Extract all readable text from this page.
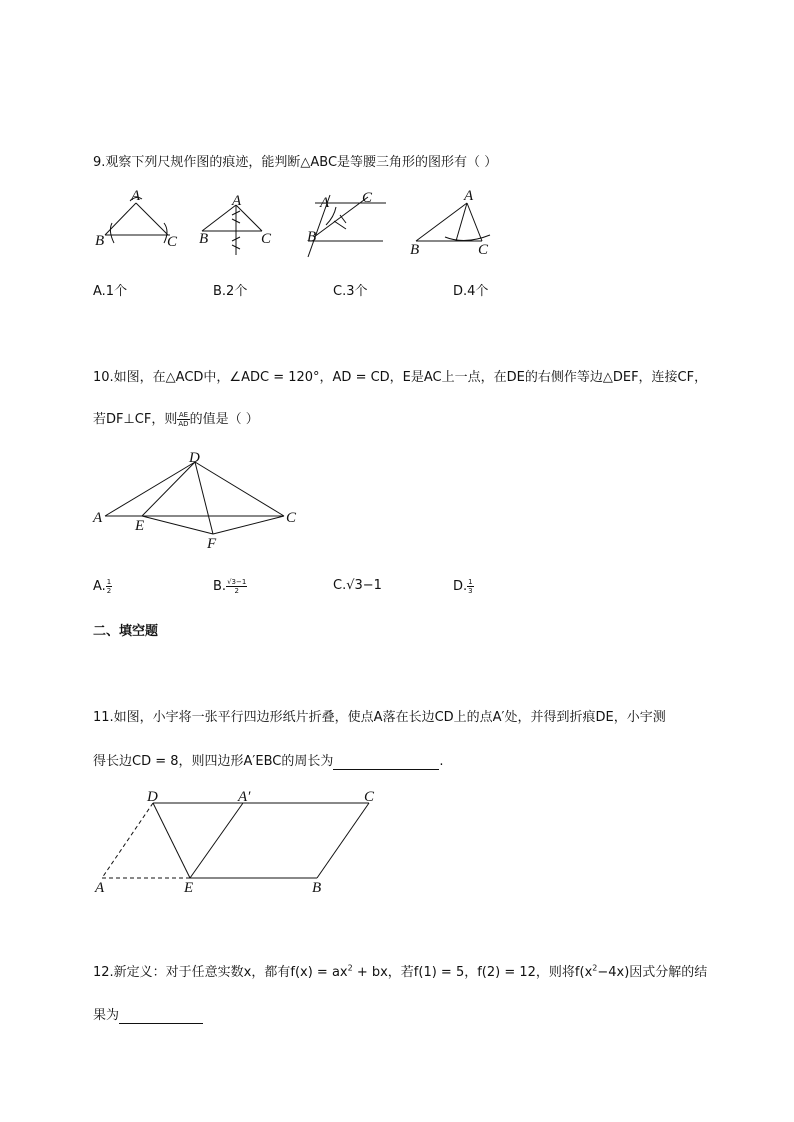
9.观察下列尺规作图的痕迹，能判断△ABC是等腰三角形的图形有（ ）
A
B	C
A
B	C
A
B
C	A
B	C
A.1个	B.2个	C.3个	D.4个
10.如图，在△ACD中，∠ADC = 120°，AD = CD，E是AC上一点，在DE的右侧作等边△DEF，连接CF，
若DF⊥CF，则 $\frac{AE}{AD}$ 的值是（ ）
A
D
C
E
F
A. $\frac{1}{2}$	B. $\frac{√3-1}{2}$	C.√3−1	D. $\frac{1}{3}$
二、填空题
11.如图，小宇将一张平行四边形纸片折叠，使点A落在长边CD上的点A′处，并得到折痕DE，小宇测
得长边CD = 8，则四边形A′EBC的周长为	.
D	A′	C
A	E	B
12.新定义：对于任意实数x，都有$f(x) = ax^2$ + bx，若f(1) = 5，f(2) = 12，则将$f(x^2-4x)$因式分解的结
果为
